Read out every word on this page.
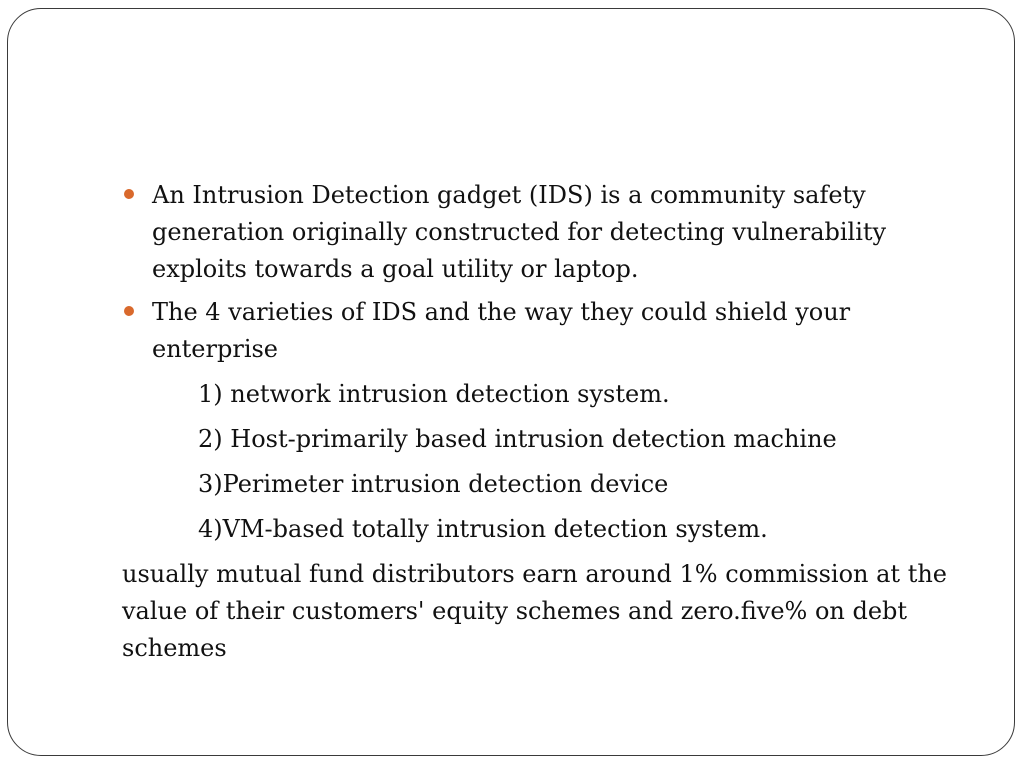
An Intrusion Detection gadget (IDS) is a community safety generation originally constructed for detecting vulnerability exploits towards a goal utility or laptop.
The 4 varieties of IDS and the way they could shield your enterprise
1) network intrusion detection system.
2) Host-primarily based intrusion detection machine
3)Perimeter intrusion detection device
4)VM-based totally intrusion detection system.
usually mutual fund distributors earn around 1% commission at the value of their customers' equity schemes and zero.five% on debt schemes
